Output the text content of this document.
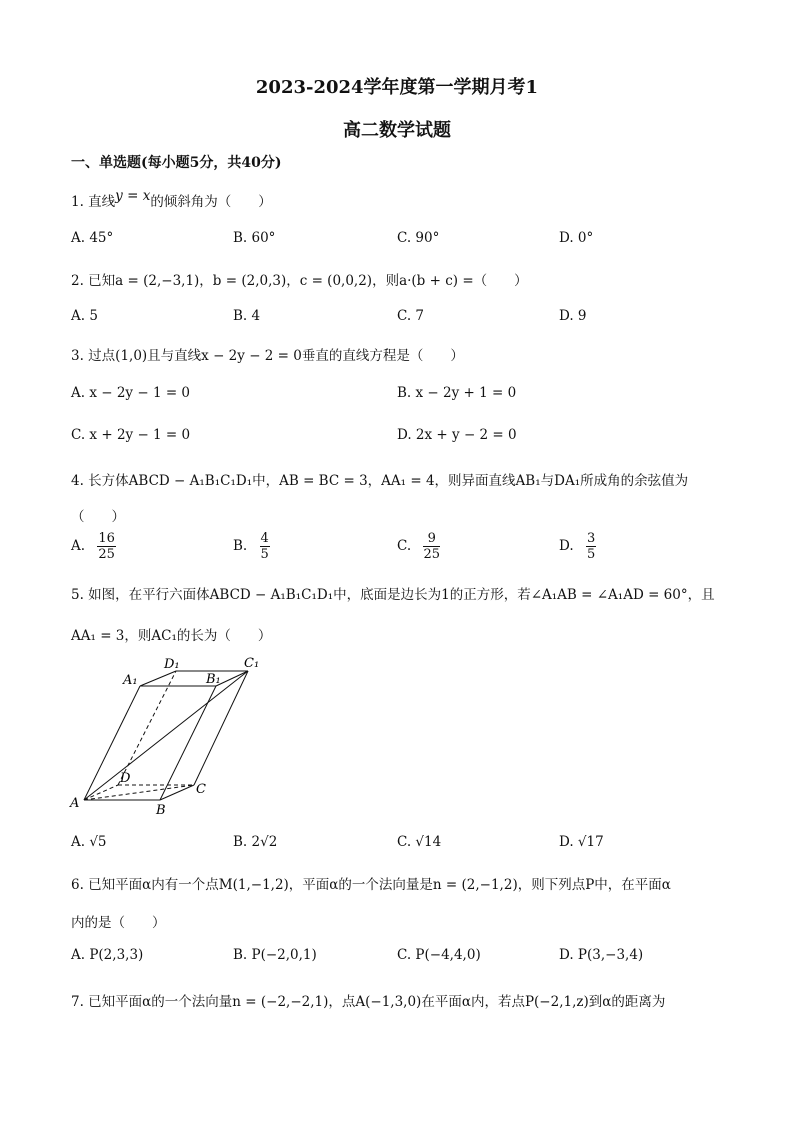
2023-2024学年度第一学期月考1
高二数学试题
一、单选题(每小题5分，共40分)
1. 直线y = x的倾斜角为（　　）
A. 45°	B. 60°	C. 90°	D. 0°
2. 已知a = (2,−3,1)，b = (2,0,3)，c = (0,0,2)，则a·(b + c) =（　　）
A. 5	B. 4	C. 7	D. 9
3. 过点(1,0)且与直线x − 2y − 2 = 0垂直的直线方程是（　　）
A. x − 2y − 1 = 0	B. x − 2y + 1 = 0
C. x + 2y − 1 = 0	D. 2x + y − 2 = 0
4. 长方体ABCD − A₁B₁C₁D₁中，AB = BC = 3，AA₁ = 4，则异面直线AB₁与DA₁所成角的余弦值为
（　　）
A. $\frac{16}{25}$	B. $\frac{4}{5}$	C. $\frac{9}{25}$	D. $\frac{3}{5}$
5. 如图，在平行六面体ABCD − A₁B₁C₁D₁中，底面是边长为1的正方形，若∠A₁AB = ∠A₁AD = 60°，且
AA₁ = 3，则AC₁的长为（　　）
D₁	C₁
A₁	B₁
D
C
A	B
A. √5	B. 2√2	C. √14	D. √17
6. 已知平面α内有一个点M(1,−1,2)，平面α的一个法向量是n = (2,−1,2)，则下列点P中，在平面α
内的是（　　）
A. P(2,3,3)	B. P(−2,0,1)	C. P(−4,4,0)	D. P(3,−3,4)
7. 已知平面α的一个法向量n = (−2,−2,1)，点A(−1,3,0)在平面α内，若点P(−2,1,z)到α的距离为
